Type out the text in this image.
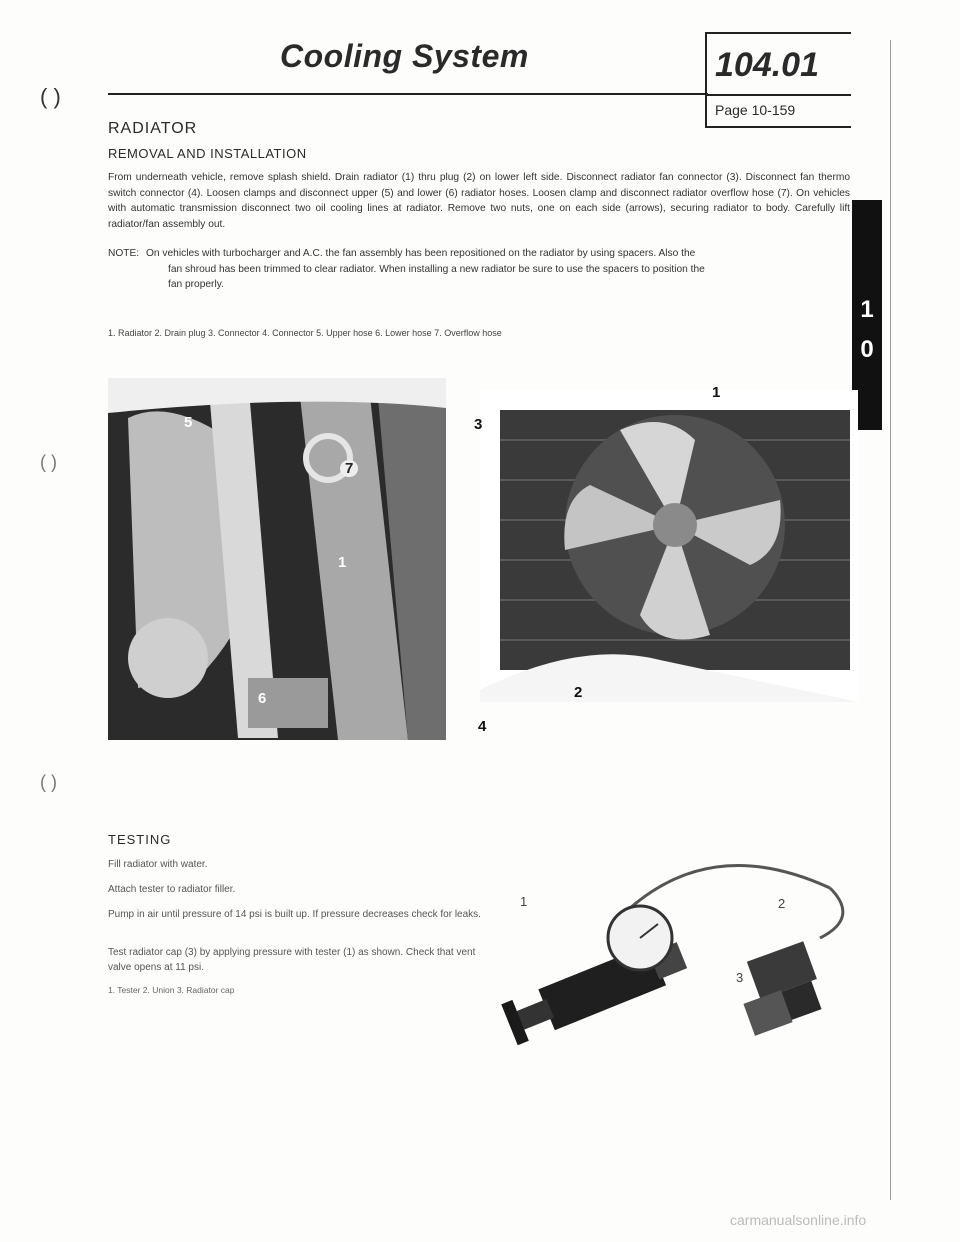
Cooling System	104.01
Page 10-159
( )
( )
( )
1
0
RADIATOR
REMOVAL AND INSTALLATION
From underneath vehicle, remove splash shield. Drain radiator (1) thru plug (2) on lower left side. Disconnect radiator fan connector (3). Disconnect fan thermo switch connector (4). Loosen clamps and disconnect upper (5) and lower (6) radiator hoses. Loosen clamp and disconnect radiator overflow hose (7). On vehicles with automatic transmission disconnect two oil cooling lines at radiator. Remove two nuts, one on each side (arrows), securing radiator to body. Carefully lift radiator/fan assembly out.
NOTE: On vehicles with turbocharger and A.C. the fan assembly has been repositioned on the radiator by using spacers. Also the
fan shroud has been trimmed to clear radiator. When installing a new radiator be sure to use the spacers to position the
fan properly.
1. Radiator 2. Drain plug 3. Connector 4. Connector 5. Upper hose 6. Lower hose 7. Overflow hose
5
7
1
6
1
3
2
4
TESTING
Fill radiator with water.
Attach tester to radiator filler.
Pump in air until pressure of 14 psi is built up. If pressure decreases check for leaks.
Test radiator cap (3) by applying pressure with tester (1) as shown. Check that vent valve opens at 11 psi.
1. Tester 2. Union 3. Radiator cap
1	2
3
carmanualsonline.info
